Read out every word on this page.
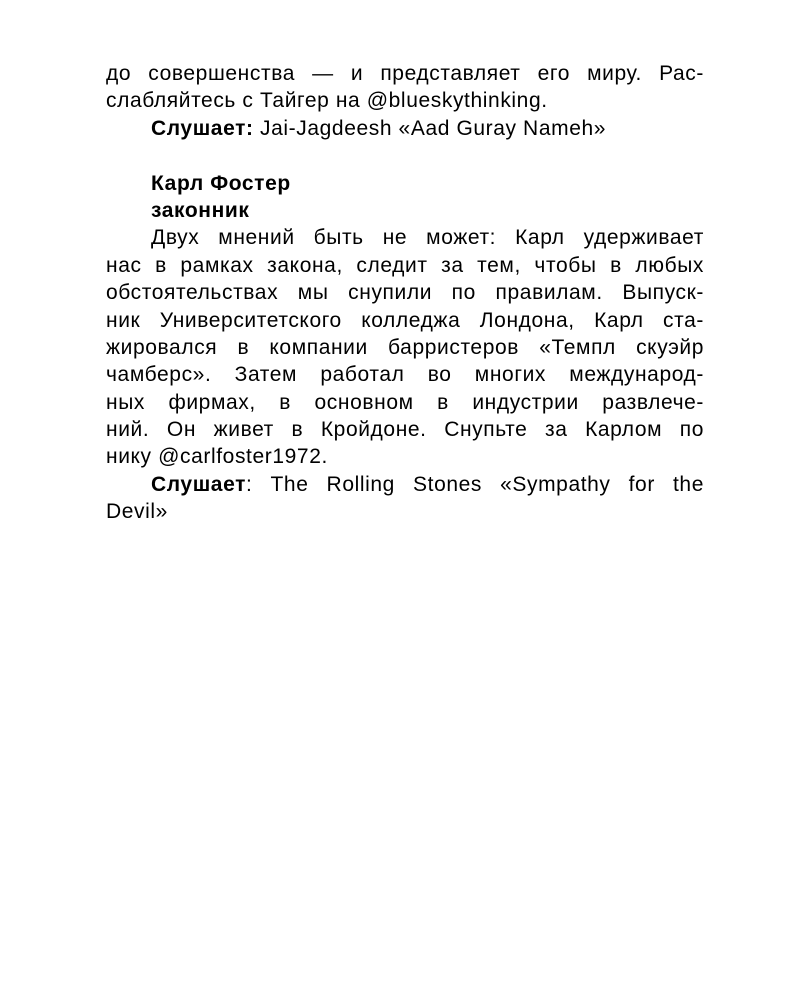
до совершенства — и представляет его миру. Рас-
слабляйтесь с Тайгер на @blueskythinking.
Слушает: Jai-Jagdeesh «Aad Guray Nameh»
Карл Фостер
законник
Двух мнений быть не может: Карл удерживает
нас в рамках закона, следит за тем, чтобы в любых
обстоятельствах мы снупили по правилам. Выпуск-
ник Университетского колледжа Лондона, Карл ста-
жировался в компании барристеров «Темпл скуэйр
чамберс». Затем работал во многих международ-
ных фирмах, в основном в индустрии развлече-
ний. Он живет в Кройдоне. Снупьте за Карлом по
нику @carlfoster1972.
Слушает: The Rolling Stones «Sympathy for the
Devil»
